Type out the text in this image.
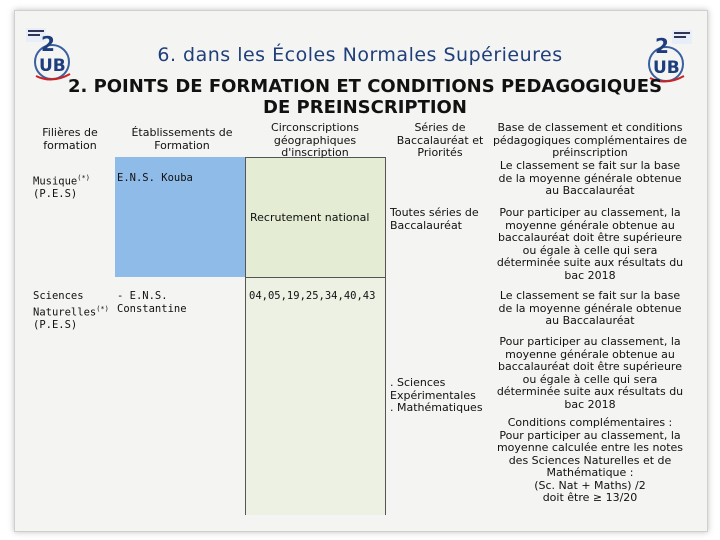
2
UB
2
UB
6. dans les Écoles Normales Supérieures
2. POINTS DE FORMATION ET CONDITIONS PEDAGOGIQUES
DE PREINSCRIPTION
Filières de formation
Établissements de Formation
Circonscriptions géographiques d'inscription
Séries de Baccalauréat et Priorités
Base de classement et conditions pédagogiques complémentaires de préinscription
Musique(*)
(P.E.S)
E.N.S. Kouba
Recrutement national	Toutes séries de Baccalauréat
Le classement se fait sur la base de la moyenne générale obtenue au Baccalauréat
Pour participer au classement, la moyenne générale obtenue au baccalauréat doit être supérieure ou égale à celle qui sera déterminée suite aux résultats du bac 2018
Sciences
Naturelles(*)
(P.E.S)
- E.N.S. Constantine
04,05,19,25,34,40,43
. Sciences
Expérimentales
. Mathématiques
Le classement se fait sur la base de la moyenne générale obtenue au Baccalauréat
Pour participer au classement, la moyenne générale obtenue au baccalauréat doit être supérieure ou égale à celle qui sera déterminée suite aux résultats du bac 2018
Conditions complémentaires :
Pour participer au classement, la moyenne calculée entre les notes des Sciences Naturelles et de Mathématique :
(Sc. Nat + Maths) /2
doit être ≥ 13/20
